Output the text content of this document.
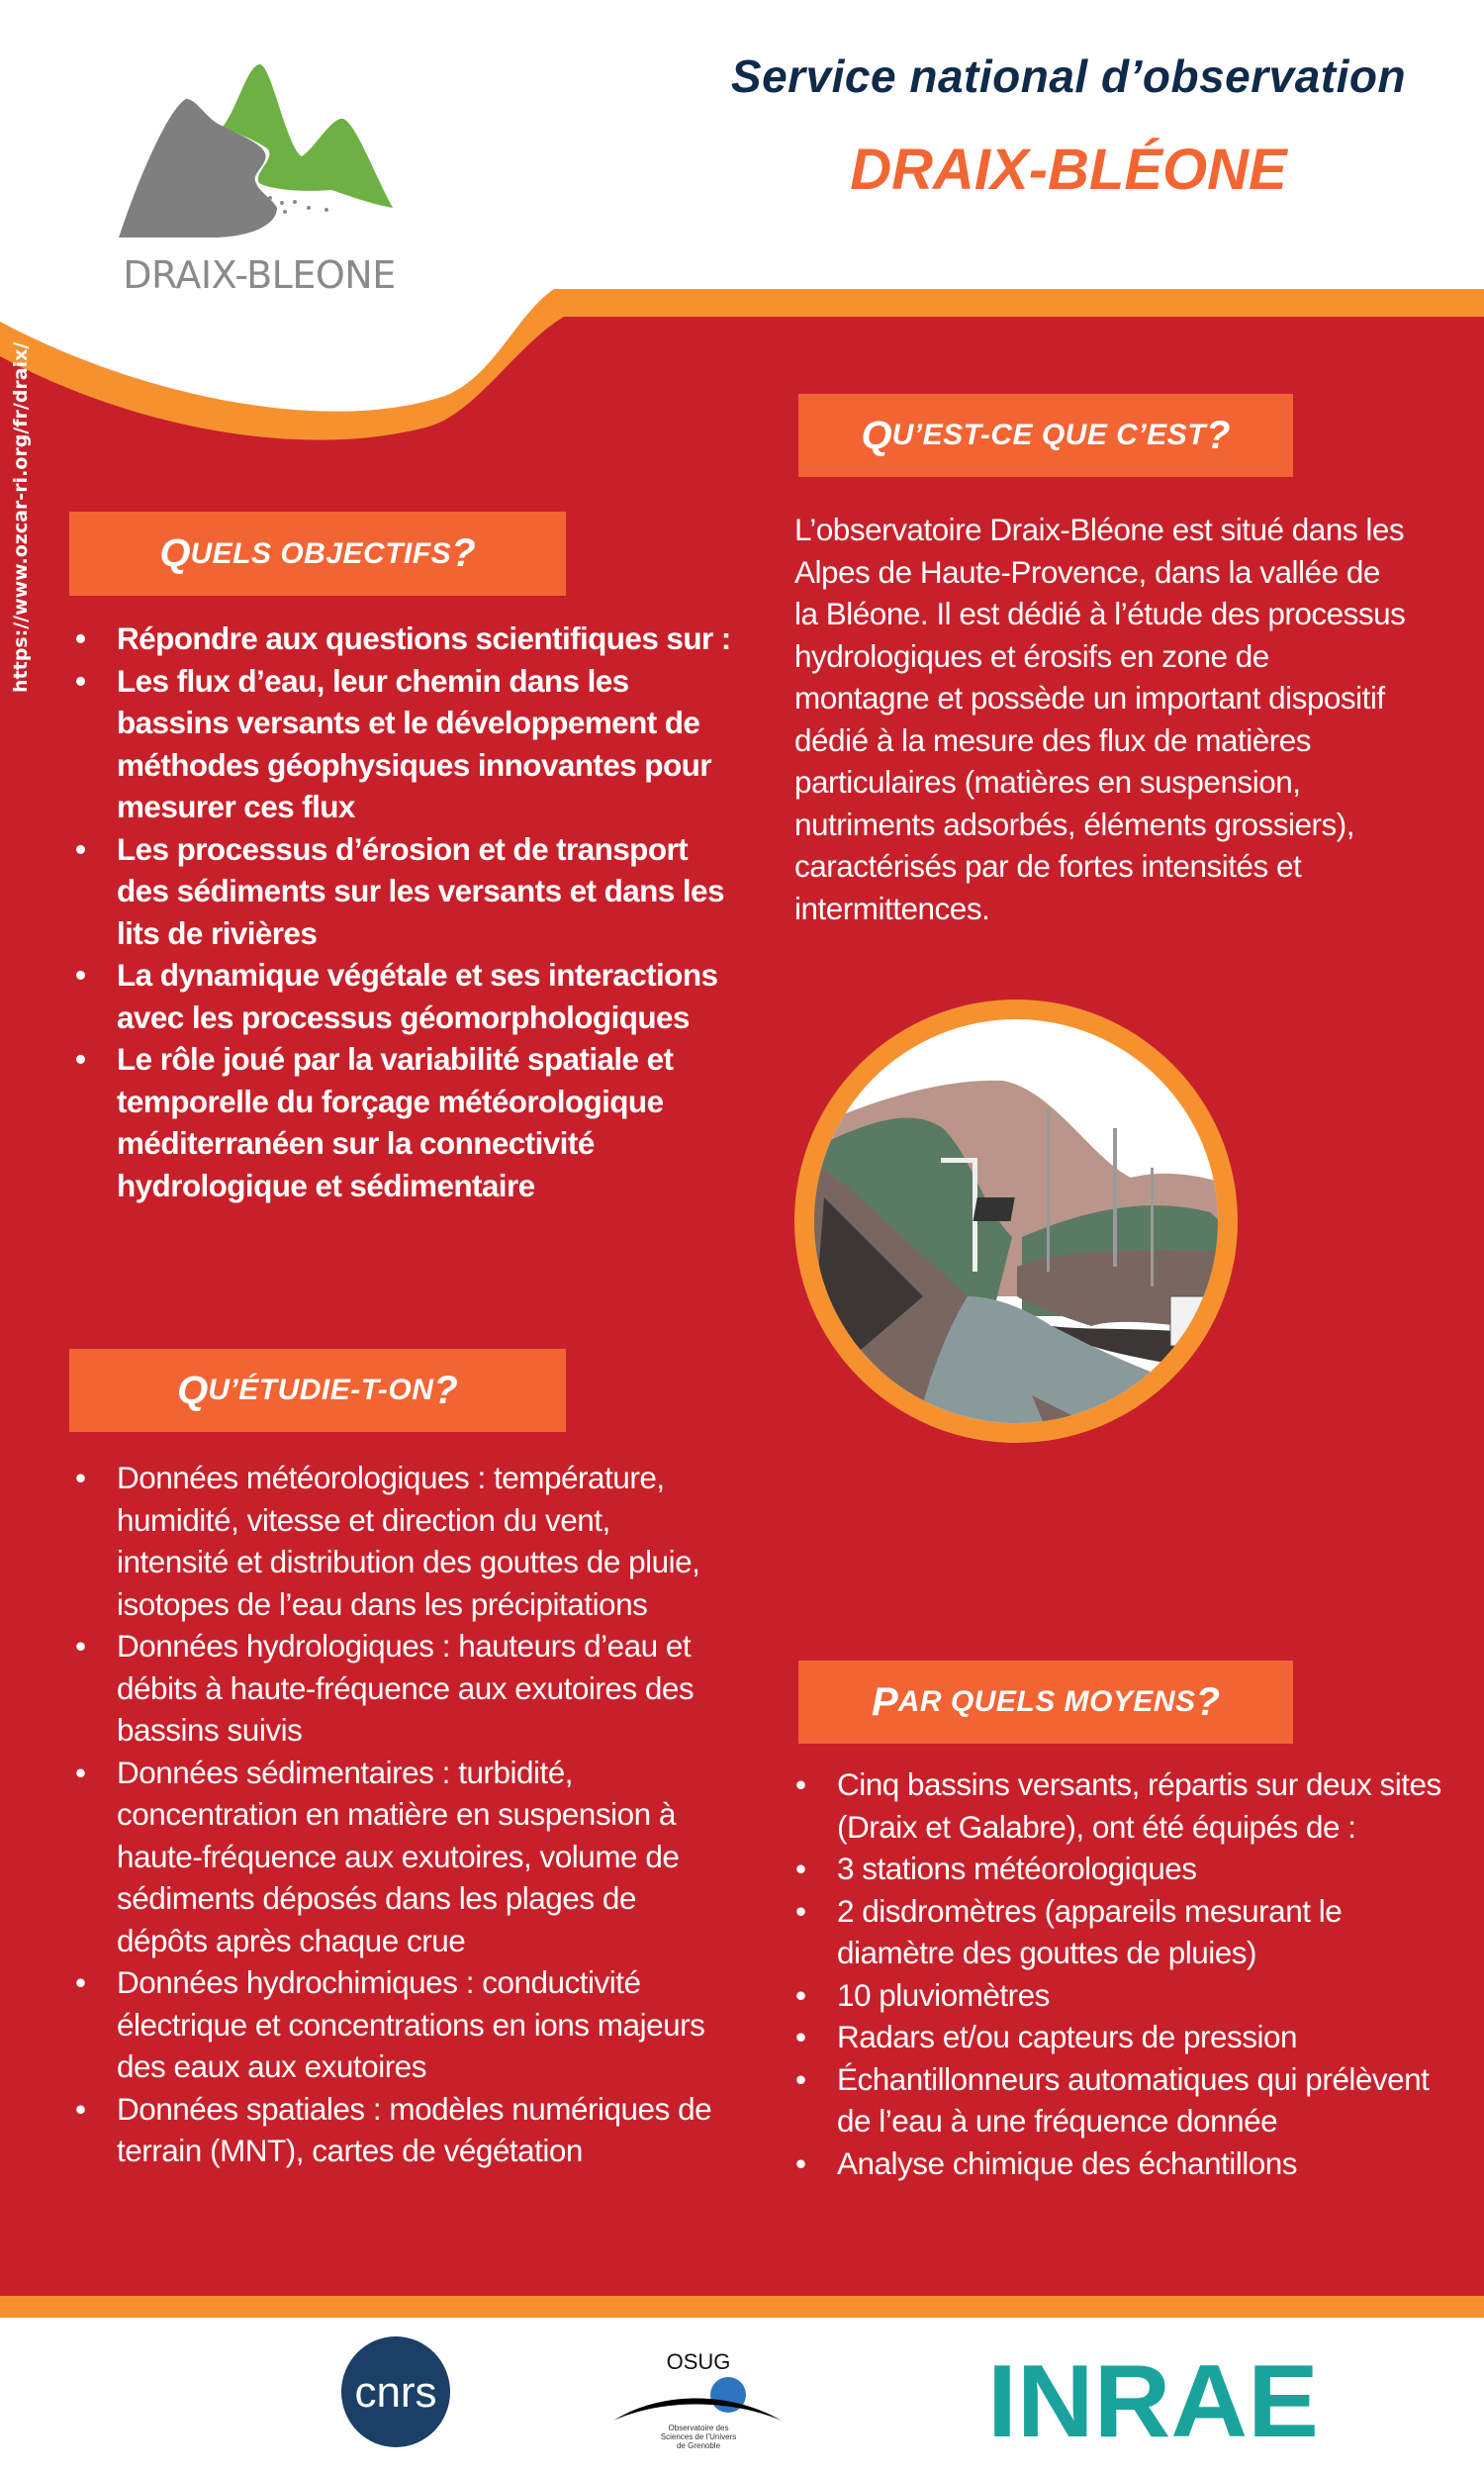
DRAIX-BLEONE
Service national d’observation
DRAIX-BLÉONE
https://www.ozcar-ri.org/fr/draix/	Q UELS OBJECTIFS ?
• Répondre aux questions scientifiques sur :
• Les flux d’eau, leur chemin dans les bassins versants et le développement de méthodes géophysiques innovantes pour mesurer ces flux
• Les processus d’érosion et de transport des sédiments sur les versants et dans les lits de rivières
• La dynamique végétale et ses interactions avec les processus géomorphologiques
• Le rôle joué par la variabilité spatiale et temporelle du forçage météorologique méditerranéen sur la connectivité hydrologique et sédimentaire
Q U’EST-CE QUE C’EST ?
L’observatoire Draix-Bléone est situé dans les Alpes de Haute-Provence, dans la vallée de la Bléone. Il est dédié à l’étude des processus hydrologiques et érosifs en zone de montagne et possède un important dispositif dédié à la mesure des flux de matières particulaires (matières en suspension, nutriments adsorbés, éléments grossiers), caractérisés par de fortes intensités et intermittences.
Q U’ÉTUDIE-T-ON ?
• Données météorologiques : température, humidité, vitesse et direction du vent, intensité et distribution des gouttes de pluie, isotopes de l’eau dans les précipitations
• Données hydrologiques : hauteurs d’eau et débits à haute-fréquence aux exutoires des bassins suivis
• Données sédimentaires : turbidité, concentration en matière en suspension à haute-fréquence aux exutoires, volume de sédiments déposés dans les plages de dépôts après chaque crue
• Données hydrochimiques : conductivité électrique et concentrations en ions majeurs des eaux aux exutoires
• Données spatiales : modèles numériques de terrain (MNT), cartes de végétation
P AR QUELS MOYENS ?
• Cinq bassins versants, répartis sur deux sites (Draix et Galabre), ont été équipés de :
• 3 stations météorologiques
• 2 disdromètres (appareils mesurant le diamètre des gouttes de pluies)
• 10 pluviomètres
• Radars et/ou capteurs de pression
• Échantillonneurs automatiques qui prélèvent de l’eau à une fréquence donnée
• Analyse chimique des échantillons
cnrs
OSUG
Observatoire des
Sciences de l’Univers
de Grenoble	INRAE
